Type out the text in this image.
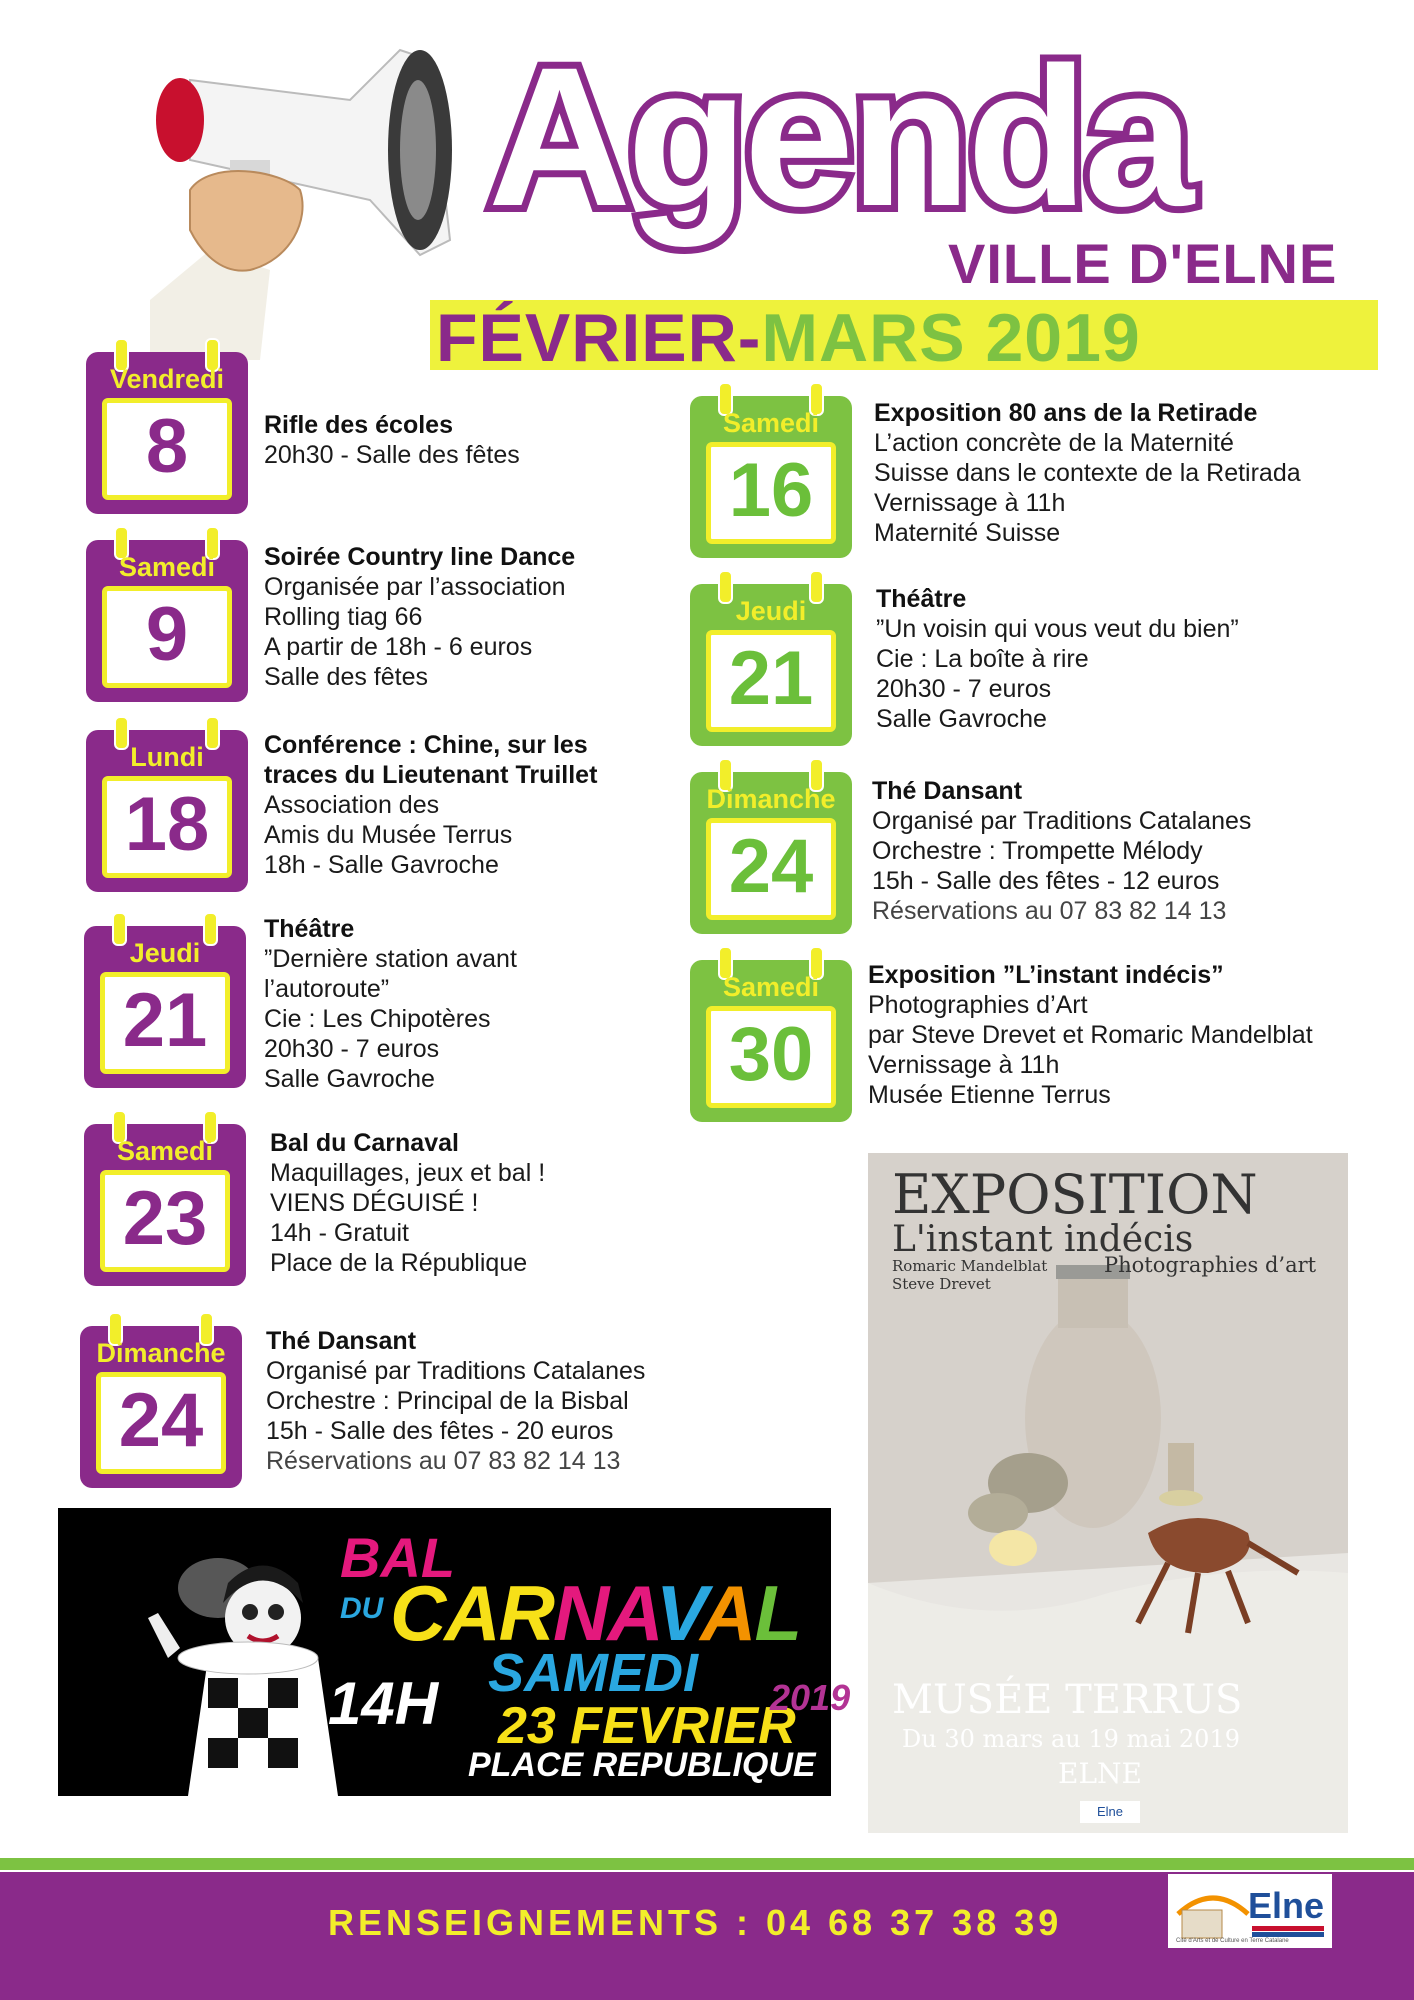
Agenda
VILLE D'ELNE
FÉVRIER-MARS 2019
Vendredi
8	Rifle des écoles
20h30 - Salle des fêtes
Samedi
9
Soirée Country line Dance
Organisée par l’association
Rolling tiag 66
A partir de 18h - 6 euros
Salle des fêtes
Lundi
18
Conférence : Chine, sur les
traces du Lieutenant Truillet
Association des
Amis du Musée Terrus
18h - Salle Gavroche
Jeudi
21
Théâtre
”Dernière station avant
l’autoroute”
Cie : Les Chipotères
20h30 - 7 euros
Salle Gavroche
Samedi
23
Bal du Carnaval
Maquillages, jeux et bal !
VIENS DÉGUISÉ !
14h - Gratuit
Place de la République
Dimanche
24
Thé Dansant
Organisé par Traditions Catalanes
Orchestre : Principal de la Bisbal
15h - Salle des fêtes - 20 euros
Réservations au 07 83 82 14 13
Samedi
16
Exposition 80 ans de la Retirade
L’action concrète de la Maternité
Suisse dans le contexte de la Retirada
Vernissage à 11h
Maternité Suisse
Jeudi
21
Théâtre
”Un voisin qui vous veut du bien”
Cie : La boîte à rire
20h30 - 7 euros
Salle Gavroche
Dimanche
24
Thé Dansant
Organisé par Traditions Catalanes
Orchestre : Trompette Mélody
15h - Salle des fêtes - 12 euros
Réservations au 07 83 82 14 13
Samedi
30
Exposition ”L’instant indécis”
Photographies d’Art
par Steve Drevet et Romaric Mandelblat
Vernissage à 11h
Musée Etienne Terrus
BAL
DU CARNAVAL
SAMEDI
14H 23 FEVRIER
2019
PLACE REPUBLIQUE
EXPOSITION
L'instant indécis
Romaric Mandelblat
Steve Drevet
Photographies d’art
MUSÉE TERRUS
Du 30 mars au 19 mai 2019
ELNE
Elne
RENSEIGNEMENTS : 04 68 37 38 39	Elne
Cité d'Arts et de Culture en Terre Catalane
